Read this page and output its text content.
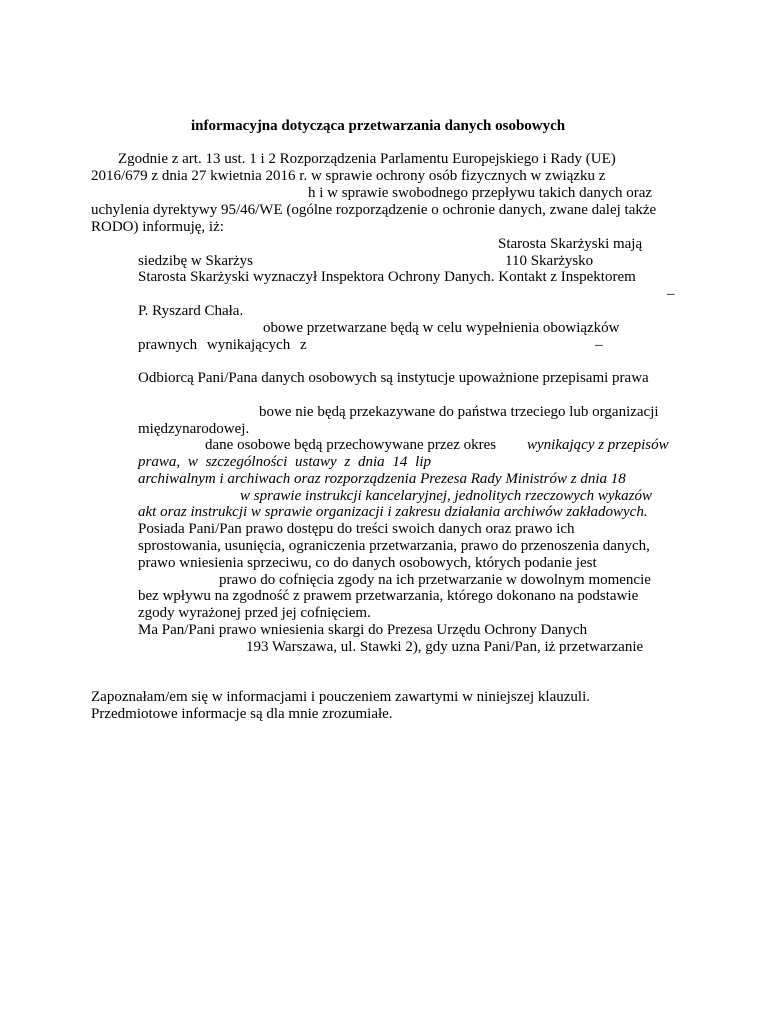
informacyjna dotycząca przetwarzania danych osobowych
Zgodnie z art. 13 ust. 1 i 2 Rozporządzenia Parlamentu Europejskiego i Rady (UE)
2016/679 z dnia 27 kwietnia 2016 r. w sprawie ochrony osób fizycznych w związku z
h i w sprawie swobodnego przepływu takich danych oraz
uchylenia dyrektywy 95/46/WE (ogólne rozporządzenie o ochronie danych, zwane dalej także
RODO) informuję, iż:
Starosta Skarżyski mają
siedzibę w Skarżys	110 Skarżysko
Starosta Skarżyski wyznaczył Inspektora Ochrony Danych. Kontakt z Inspektorem
–
P. Ryszard Chała.
obowe przetwarzane będą w celu wypełnienia obowiązków
prawnych wynikających z	–
Odbiorcą Pani/Pana danych osobowych są instytucje upoważnione przepisami prawa
bowe nie będą przekazywane do państwa trzeciego lub organizacji
międzynarodowej.
dane osobowe będą przechowywane przez okres wynikający z przepisów
prawa, w szczególności ustawy z dnia 14 lip
archiwalnym i archiwach oraz rozporządzenia Prezesa Rady Ministrów z dnia 18
w sprawie instrukcji kancelaryjnej, jednolitych rzeczowych wykazów
akt oraz instrukcji w sprawie organizacji i zakresu działania archiwów zakładowych.
Posiada Pani/Pan prawo dostępu do treści swoich danych oraz prawo ich
sprostowania, usunięcia, ograniczenia przetwarzania, prawo do przenoszenia danych,
prawo wniesienia sprzeciwu, co do danych osobowych, których podanie jest
prawo do cofnięcia zgody na ich przetwarzanie w dowolnym momencie
bez wpływu na zgodność z prawem przetwarzania, którego dokonano na podstawie
zgody wyrażonej przed jej cofnięciem.
Ma Pan/Pani prawo wniesienia skargi do Prezesa Urzędu Ochrony Danych
193 Warszawa, ul. Stawki 2), gdy uzna Pani/Pan, iż przetwarzanie
Zapoznałam/em się w informacjami i pouczeniem zawartymi w niniejszej klauzuli.
Przedmiotowe informacje są dla mnie zrozumiałe.
